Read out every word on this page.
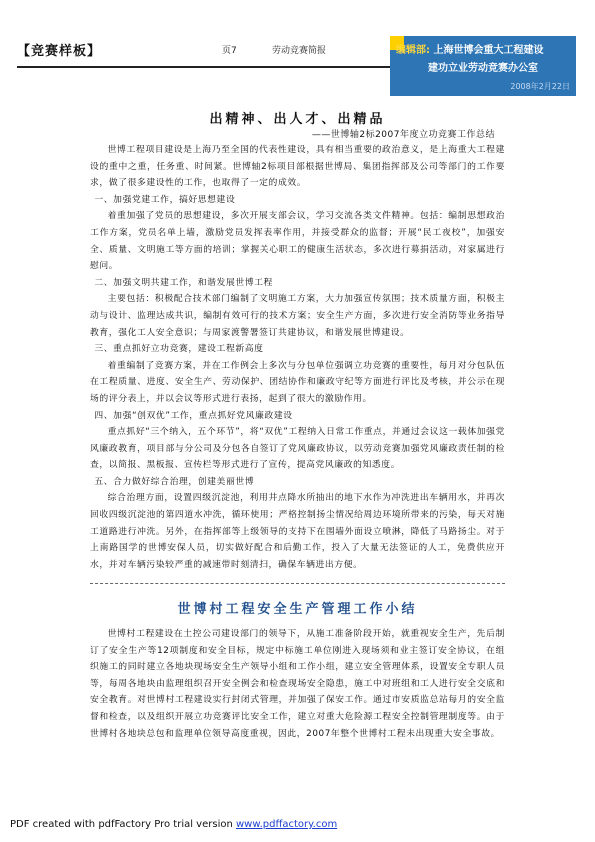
【竞赛样板】	页7	劳动竞赛简报	编辑部: 上海世博会重大工程建设
建功立业劳动竞赛办公室
2008年2月22日
出精神、出人才、出精品
——世博轴2标2007年度立功竞赛工作总结

世博工程项目建设是上海乃至全国的代表性建设，具有相当重要的政治意义，是上海重大工程建设的重中之重，任务重、时间紧。世博轴2标项目部根据世博局、集团指挥部及公司等部门的工作要求，做了很多建设性的工作，也取得了一定的成效。

一、加强党建工作，搞好思想建设

着重加强了党员的思想建设，多次开展支部会议，学习交流各类文件精神。包括：编制思想政治工作方案，党员名单上墙，激励党员发挥表率作用，并接受群众的监督；开展“民工夜校”，加强安全、质量、文明施工等方面的培训；掌握关心职工的健康生活状态，多次进行募捐活动，对家属进行慰问。

二、加强文明共建工作，和谐发展世博工程

主要包括：积极配合技术部门编制了文明施工方案，大力加强宣传氛围；技术质量方面，积极主动与设计、监理达成共识，编制有效可行的技术方案；安全生产方面，多次进行安全消防等业务指导教育，强化工人安全意识；与周家渡警署签订共建协议，和谐发展世博建设。

三、重点抓好立功竞赛，建设工程新高度

着重编制了竞赛方案，并在工作例会上多次与分包单位强调立功竞赛的重要性，每月对分包队伍在工程质量、进度、安全生产、劳动保护、团结协作和廉政守纪等方面进行评比及考核，并公示在现场的评分表上，并以会议等形式进行表扬，起到了很大的激励作用。

四、加强“创双优”工作，重点抓好党风廉政建设

重点抓好“三个纳入，五个环节”，将“双优”工程纳入日常工作重点，并通过会议这一载体加强党风廉政教育，项目部与分公司及分包各自签订了党风廉政协议，以劳动竞赛加强党风廉政责任制的检查，以简报、黑板报、宣传栏等形式进行了宣传，提高党风廉政的知悉度。

五、合力做好综合治理，创建美丽世博

综合治理方面，设置四级沉淀池，利用井点降水所抽出的地下水作为冲洗进出车辆用水，并再次回收四级沉淀池的第四道水冲洗，循环使用；严格控制扬尘情况给周边环境所带来的污染，每天对施工道路进行冲洗。另外，在指挥部等上级领导的支持下在围墙外面设立喷淋，降低了马路扬尘。对于上南路国学的世博安保人员，切实做好配合和后勤工作，投入了大量无法签证的人工，免费供应开水，并对车辆污染较严重的减速带时刻清扫，确保车辆进出方便。

世博村工程安全生产管理工作小结

世博村工程建设在土控公司建设部门的领导下，从施工准备阶段开始，就重视安全生产，先后制订了安全生产等12项制度和安全目标，规定中标施工单位刚进入现场须和业主签订安全协议，在组织施工的同时建立各地块现场安全生产领导小组和工作小组，建立安全管理体系，设置安全专职人员等，每周各地块由监理组织召开安全例会和检查现场安全隐患，施工中对班组和工人进行安全交底和安全教育。对世博村工程建设实行封闭式管理，并加强了保安工作。通过市安质监总站每月的安全监督和检查，以及组织开展立功竞赛评比安全工作，建立对重大危险源工程安全控制管理制度等。由于世博村各地块总包和监理单位领导高度重视，因此，2007年整个世博村工程未出现重大安全事故。

PDF created with pdfFactory Pro trial version www.pdffactory.com
